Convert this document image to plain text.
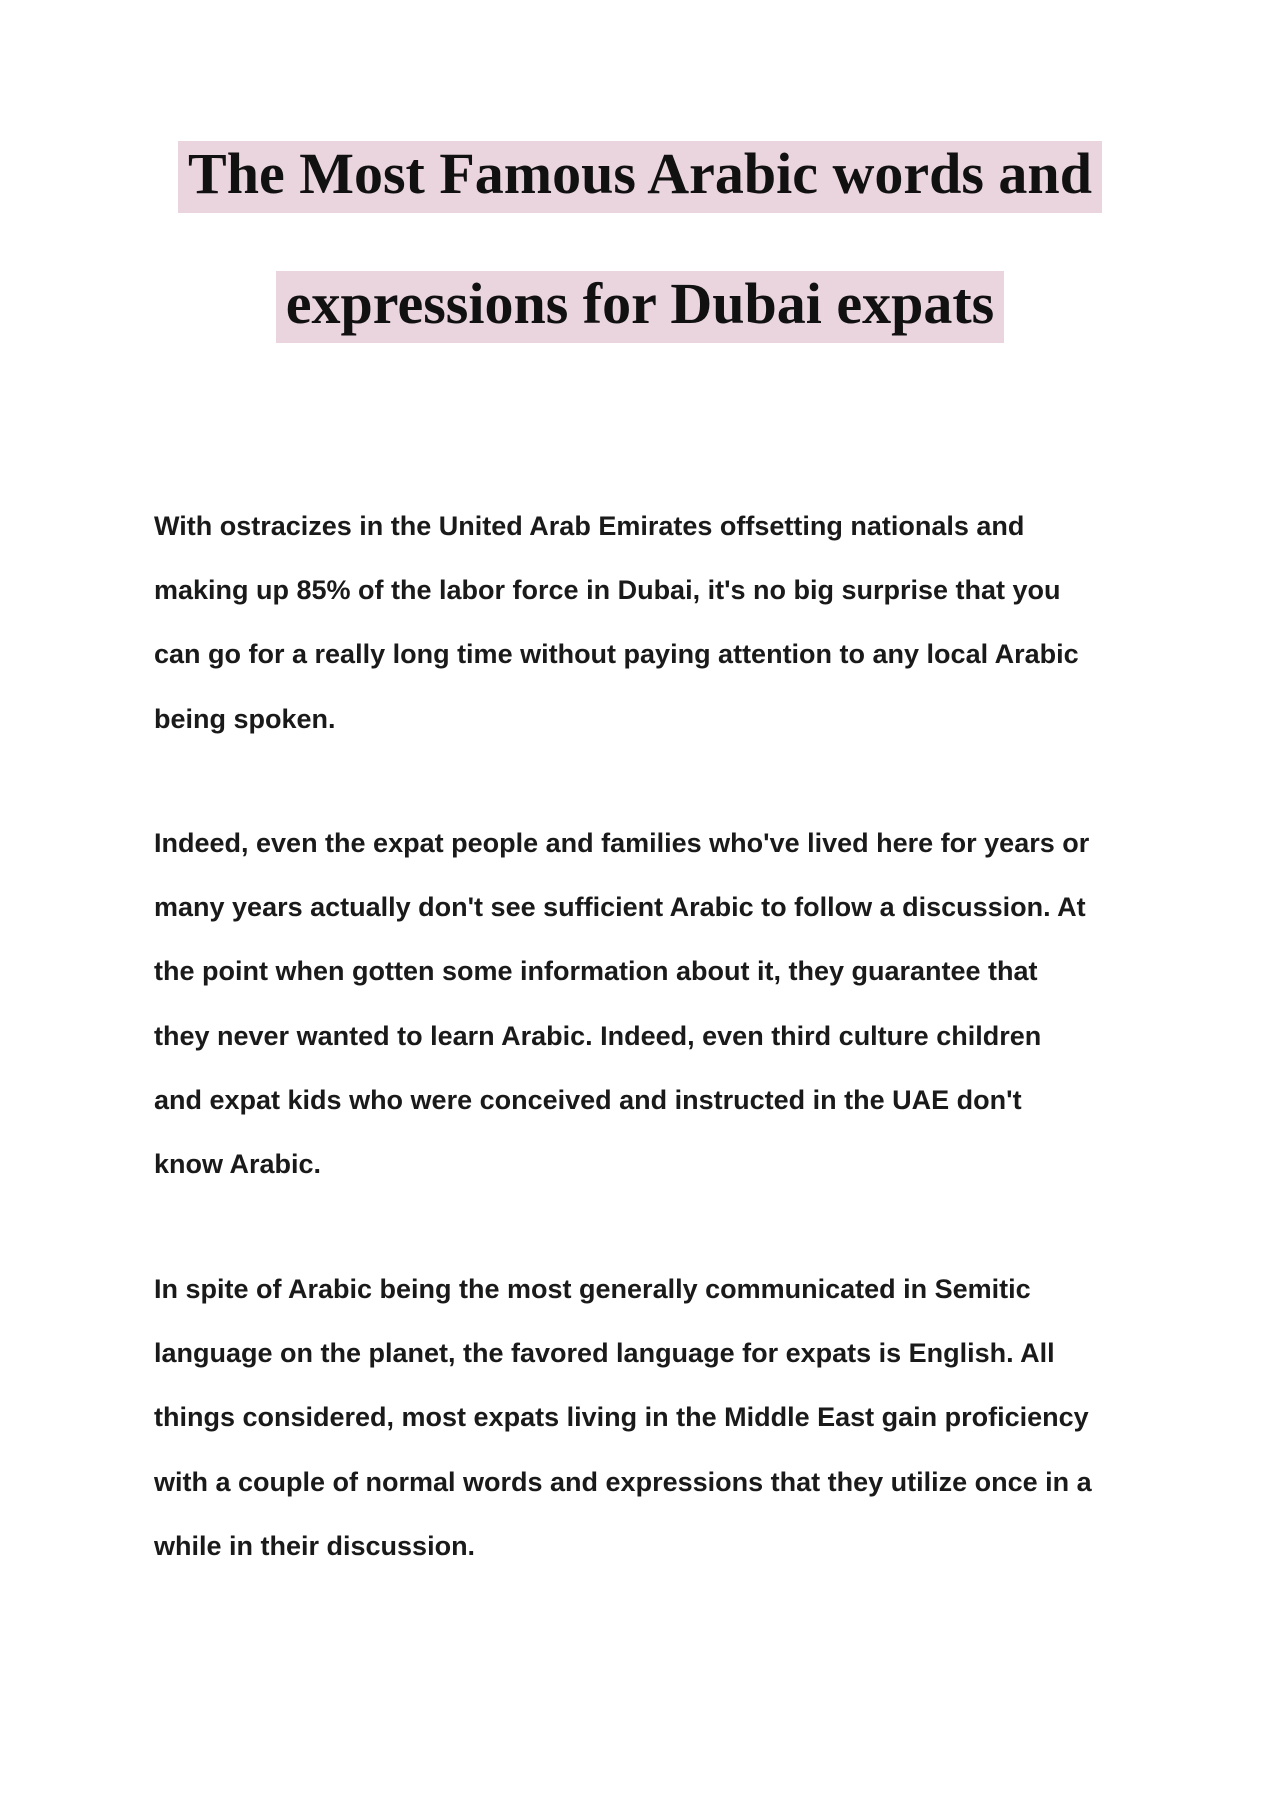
The Most Famous Arabic words and
expressions for Dubai expats
With ostracizes in the United Arab Emirates offsetting nationals and
making up 85% of the labor force in Dubai, it's no big surprise that you
can go for a really long time without paying attention to any local Arabic
being spoken.
Indeed, even the expat people and families who've lived here for years or
many years actually don't see sufficient Arabic to follow a discussion. At
the point when gotten some information about it, they guarantee that
they never wanted to learn Arabic. Indeed, even third culture children
and expat kids who were conceived and instructed in the UAE don't
know Arabic.
In spite of Arabic being the most generally communicated in Semitic
language on the planet, the favored language for expats is English. All
things considered, most expats living in the Middle East gain proficiency
with a couple of normal words and expressions that they utilize once in a
while in their discussion.
